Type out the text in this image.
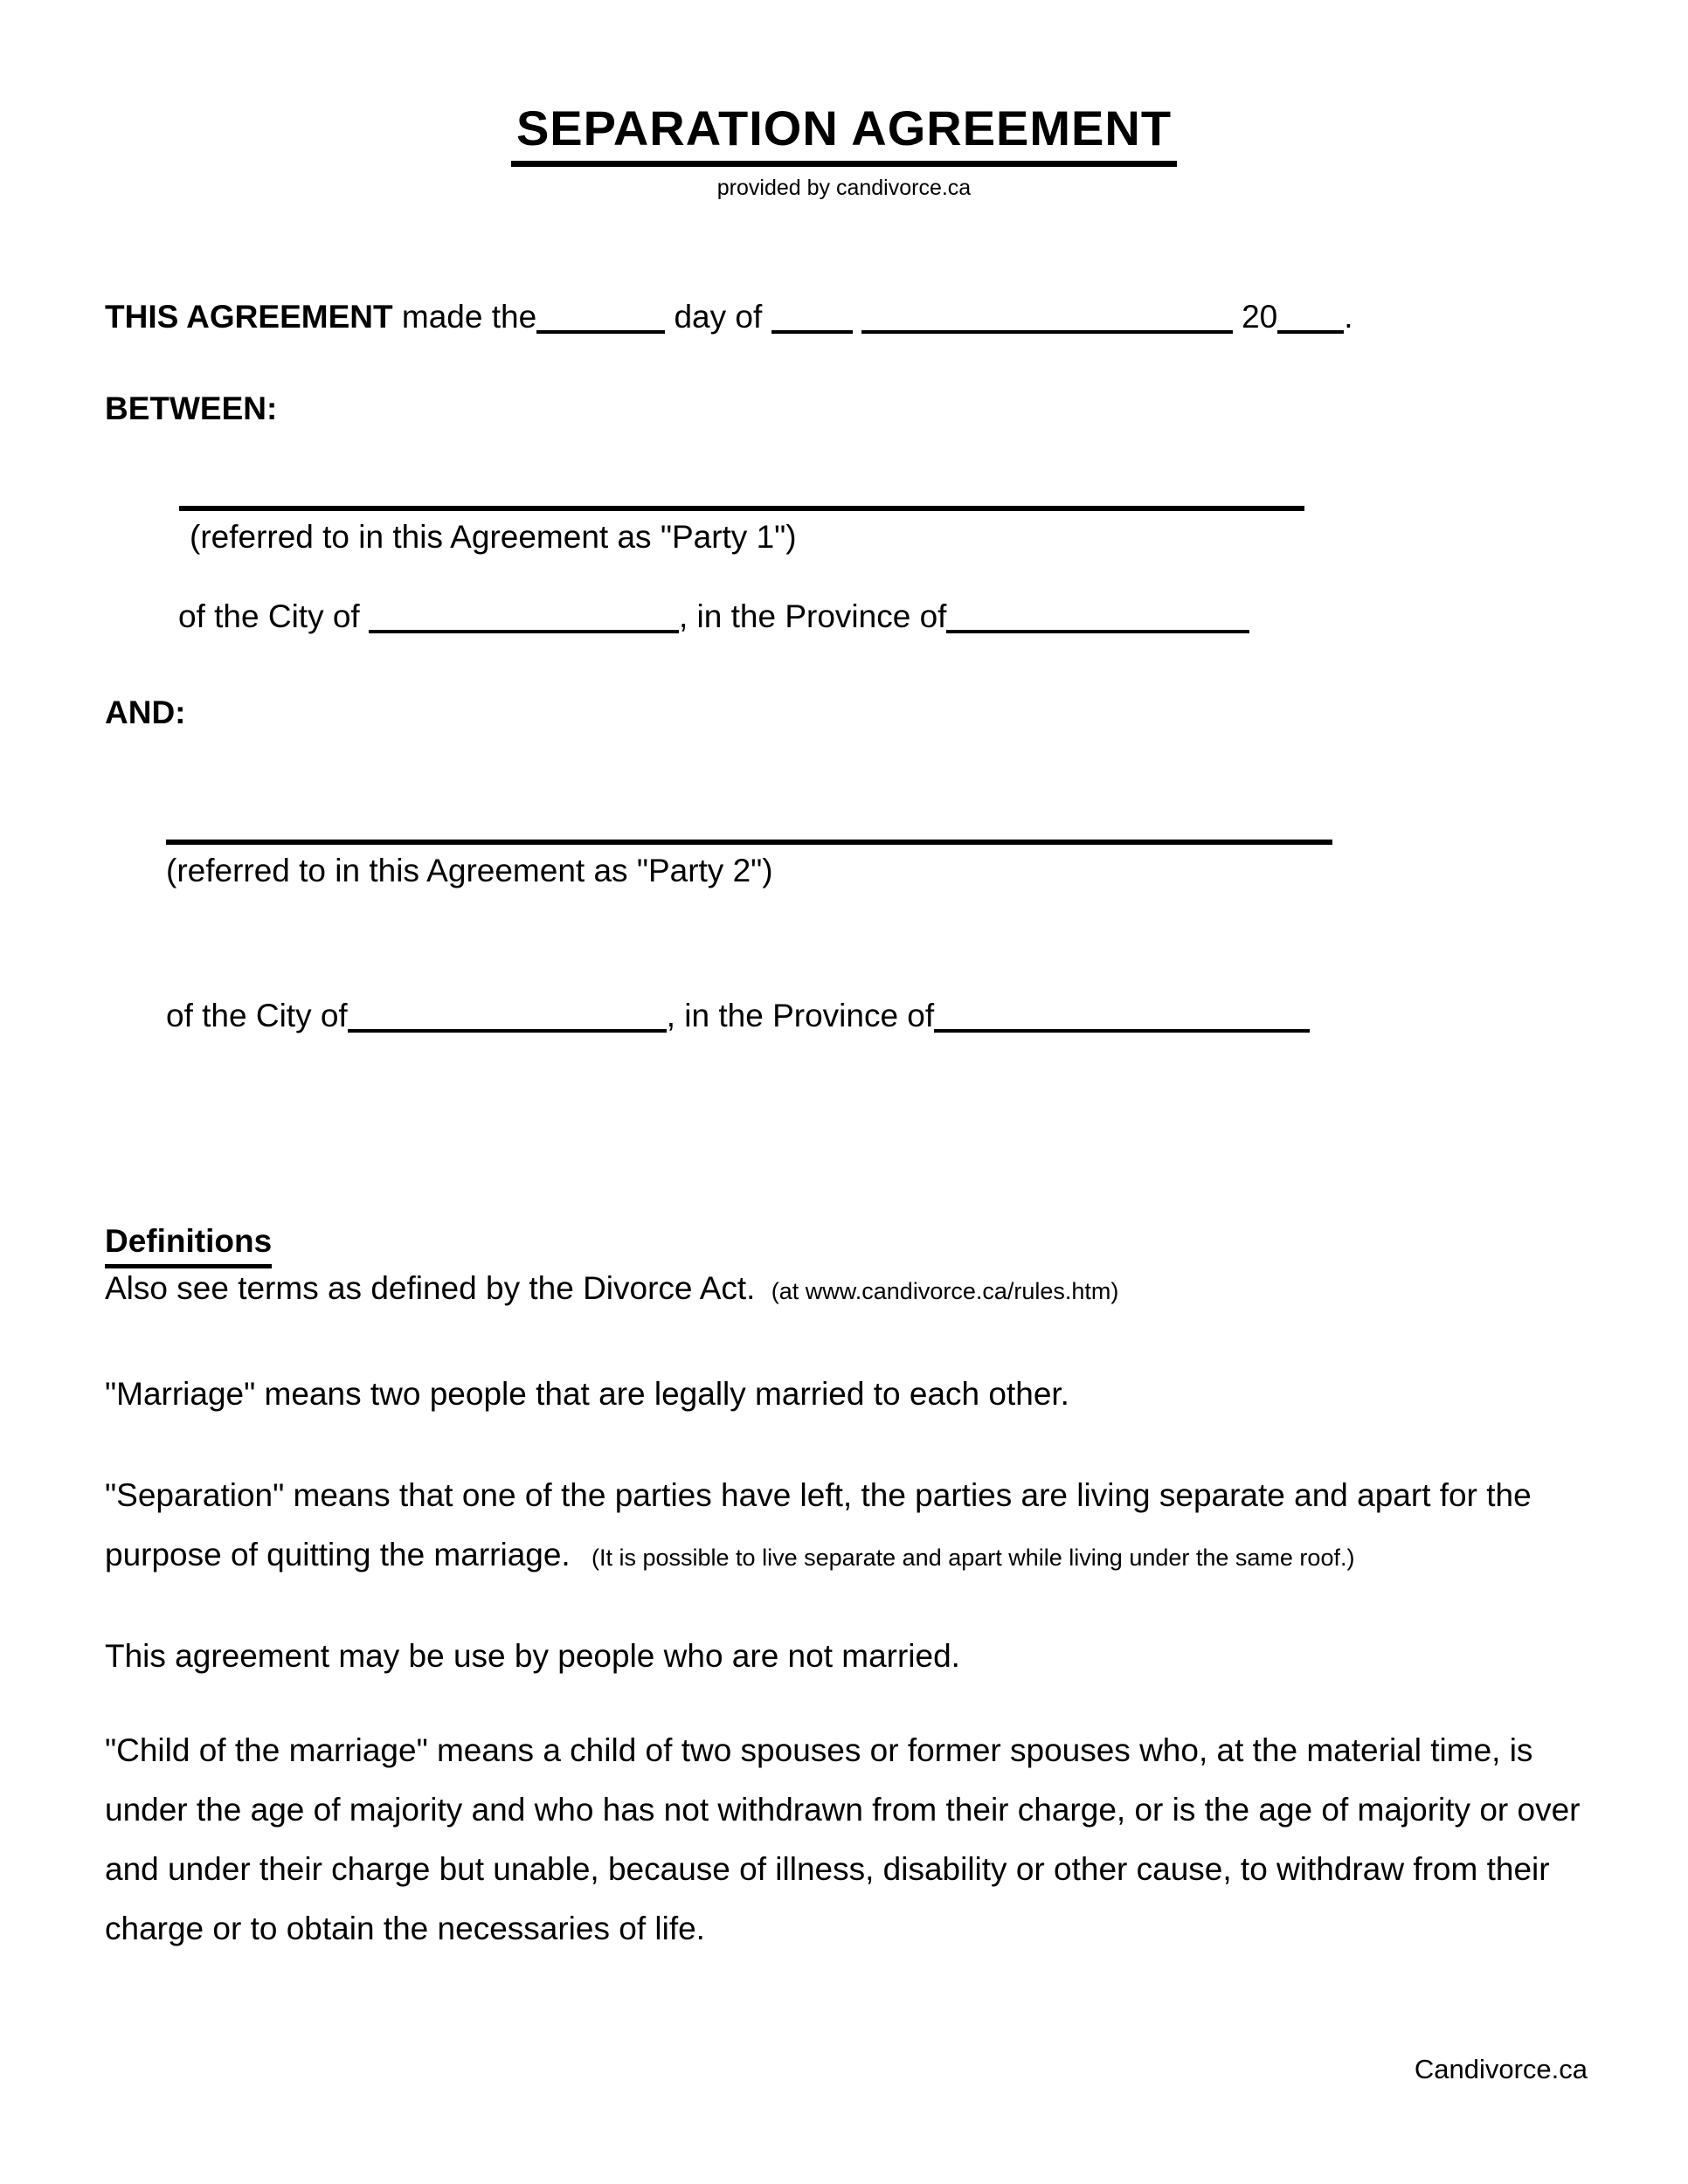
SEPARATION AGREEMENT
provided by candivorce.ca

THIS AGREEMENT made the	day of	20 .

BETWEEN:
(referred to in this Agreement as "Party 1")

of the City of	, in the Province of

AND:
(referred to in this Agreement as "Party 2")

of the City of	, in the Province of

Definitions

Also see terms as defined by the Divorce Act. (at www.candivorce.ca/rules.htm)

"Marriage" means two people that are legally married to each other.

"Separation" means that one of the parties have left, the parties are living separate and apart for the purpose of quitting the marriage. (It is possible to live separate and apart while living under the same roof.)

This agreement may be use by people who are not married.

"Child of the marriage" means a child of two spouses or former spouses who, at the material time, is under the age of majority and who has not withdrawn from their charge, or is the age of majority or over and under their charge but unable, because of illness, disability or other cause, to withdraw from their charge or to obtain the necessaries of life.

Candivorce.ca
